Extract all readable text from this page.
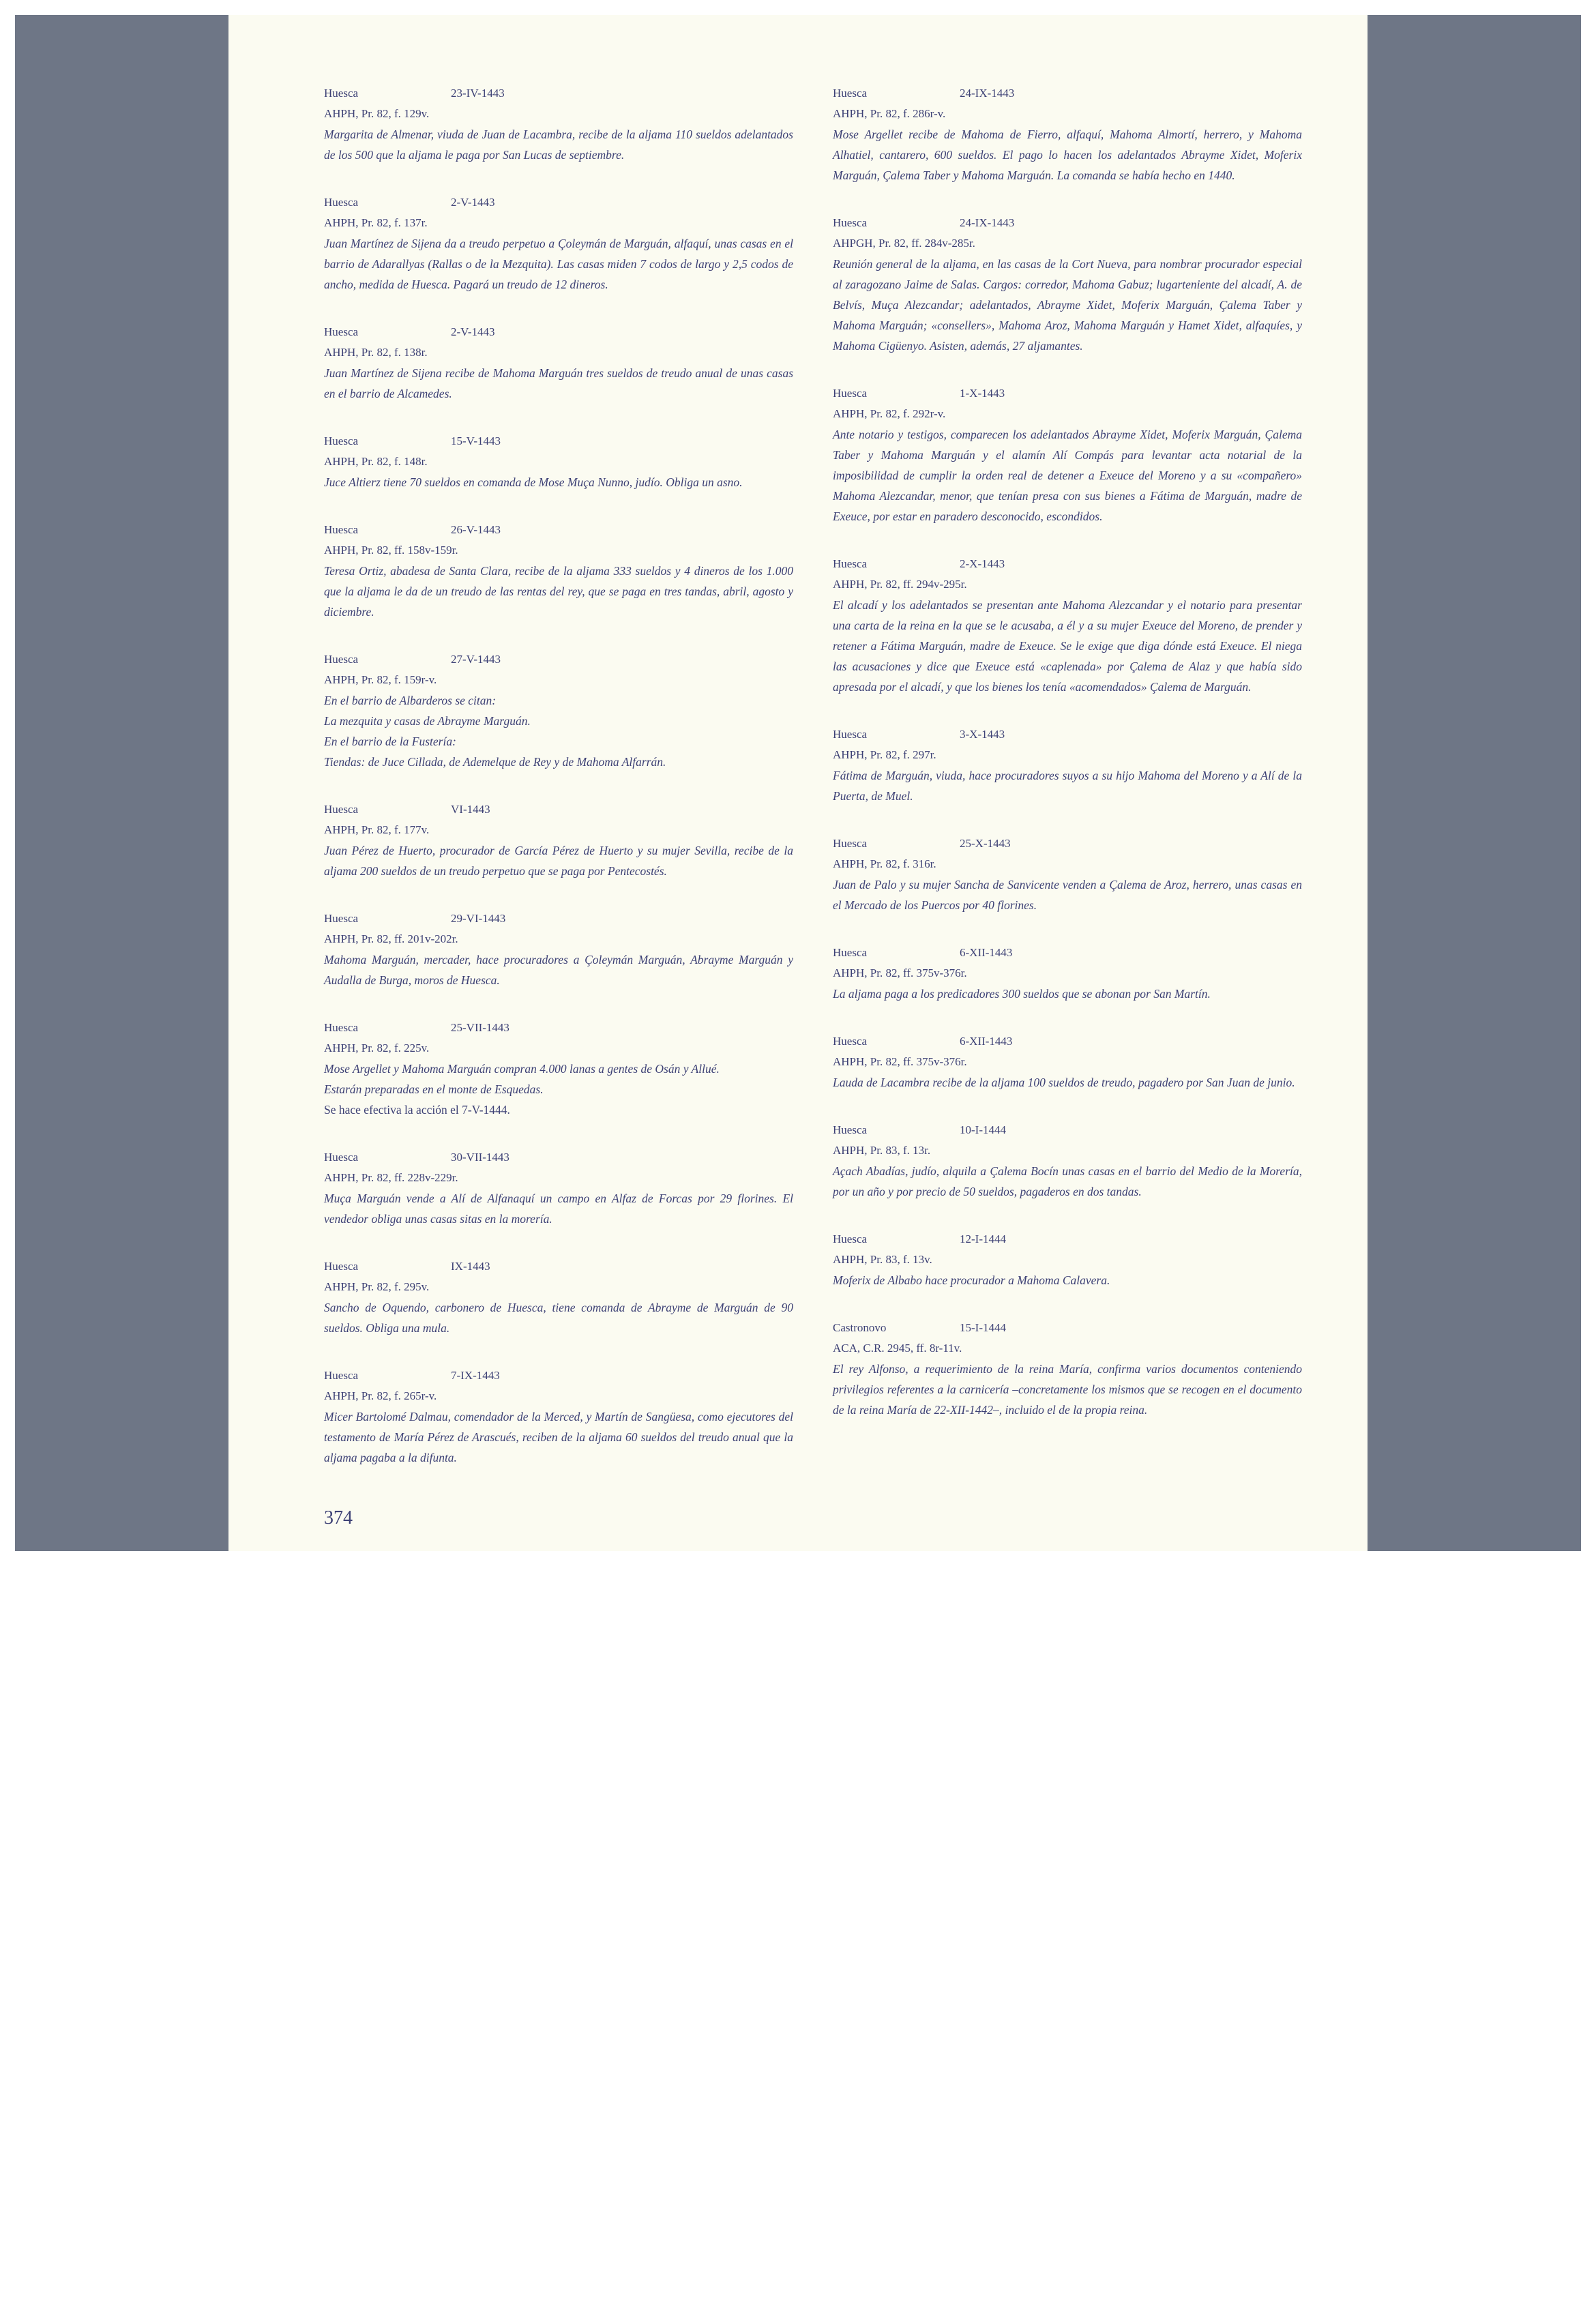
Huesca	23-IV-1443
AHPH, Pr. 82, f. 129v.
Margarita de Almenar, viuda de Juan de Lacambra, recibe de la aljama 110 sueldos adelantados de los 500 que la aljama le paga por San Lucas de septiembre.
Huesca	2-V-1443
AHPH, Pr. 82, f. 137r.
Juan Martínez de Sijena da a treudo perpetuo a Çoleymán de Marguán, alfaquí, unas casas en el barrio de Adarallyas (Rallas o de la Mezquita). Las casas miden 7 codos de largo y 2,5 codos de ancho, medida de Huesca. Pagará un treudo de 12 dineros.
Huesca	2-V-1443
AHPH, Pr. 82, f. 138r.
Juan Martínez de Sijena recibe de Mahoma Marguán tres sueldos de treudo anual de unas casas en el barrio de Alcamedes.
Huesca	15-V-1443
AHPH, Pr. 82, f. 148r.
Juce Altierz tiene 70 sueldos en comanda de Mose Muça Nunno, judío. Obliga un asno.
Huesca	26-V-1443
AHPH, Pr. 82, ff. 158v-159r.
Teresa Ortiz, abadesa de Santa Clara, recibe de la aljama 333 sueldos y 4 dineros de los 1.000 que la aljama le da de un treudo de las rentas del rey, que se paga en tres tandas, abril, agosto y diciembre.
Huesca	27-V-1443
AHPH, Pr. 82, f. 159r-v.
En el barrio de Albarderos se citan:
La mezquita y casas de Abrayme Marguán.
En el barrio de la Fustería:
Tiendas: de Juce Cillada, de Ademelque de Rey y de Mahoma Alfarrán.
Huesca	VI-1443
AHPH, Pr. 82, f. 177v.
Juan Pérez de Huerto, procurador de García Pérez de Huerto y su mujer Sevilla, recibe de la aljama 200 sueldos de un treudo perpetuo que se paga por Pentecostés.
Huesca	29-VI-1443
AHPH, Pr. 82, ff. 201v-202r.
Mahoma Marguán, mercader, hace procuradores a Çoleymán Marguán, Abrayme Marguán y Audalla de Burga, moros de Huesca.
Huesca	25-VII-1443
AHPH, Pr. 82, f. 225v.
Mose Argellet y Mahoma Marguán compran 4.000 lanas a gentes de Osán y Allué.
Estarán preparadas en el monte de Esquedas.
Se hace efectiva la acción el 7-V-1444.
Huesca	30-VII-1443
AHPH, Pr. 82, ff. 228v-229r.
Muça Marguán vende a Alí de Alfanaquí un campo en Alfaz de Forcas por 29 florines. El vendedor obliga unas casas sitas en la morería.
Huesca	IX-1443
AHPH, Pr. 82, f. 295v.
Sancho de Oquendo, carbonero de Huesca, tiene comanda de Abrayme de Marguán de 90 sueldos. Obliga una mula.
Huesca	7-IX-1443
AHPH, Pr. 82, f. 265r-v.
Micer Bartolomé Dalmau, comendador de la Merced, y Martín de Sangüesa, como ejecutores del testamento de María Pérez de Arascués, reciben de la aljama 60 sueldos del treudo anual que la aljama pagaba a la difunta.
Huesca	24-IX-1443
AHPH, Pr. 82, f. 286r-v.
Mose Argellet recibe de Mahoma de Fierro, alfaquí, Mahoma Almortí, herrero, y Mahoma Alhatiel, cantarero, 600 sueldos. El pago lo hacen los adelantados Abrayme Xidet, Moferix Marguán, Çalema Taber y Mahoma Marguán. La comanda se había hecho en 1440.
Huesca	24-IX-1443
AHPGH, Pr. 82, ff. 284v-285r.
Reunión general de la aljama, en las casas de la Cort Nueva, para nombrar procurador especial al zaragozano Jaime de Salas. Cargos: corredor, Mahoma Gabuz; lugarteniente del alcadí, A. de Belvís, Muça Alezcandar; adelantados, Abrayme Xidet, Moferix Marguán, Çalema Taber y Mahoma Marguán; «consellers», Mahoma Aroz, Mahoma Marguán y Hamet Xidet, alfaquíes, y Mahoma Cigüenyo. Asisten, además, 27 aljamantes.
Huesca	1-X-1443
AHPH, Pr. 82, f. 292r-v.
Ante notario y testigos, comparecen los adelantados Abrayme Xidet, Moferix Marguán, Çalema Taber y Mahoma Marguán y el alamín Alí Compás para levantar acta notarial de la imposibilidad de cumplir la orden real de detener a Exeuce del Moreno y a su «compañero» Mahoma Alezcandar, menor, que tenían presa con sus bienes a Fátima de Marguán, madre de Exeuce, por estar en paradero desconocido, escondidos.
Huesca	2-X-1443
AHPH, Pr. 82, ff. 294v-295r.
El alcadí y los adelantados se presentan ante Mahoma Alezcandar y el notario para presentar una carta de la reina en la que se le acusaba, a él y a su mujer Exeuce del Moreno, de prender y retener a Fátima Marguán, madre de Exeuce. Se le exige que diga dónde está Exeuce. El niega las acusaciones y dice que Exeuce está «caplenada» por Çalema de Alaz y que había sido apresada por el alcadí, y que los bienes los tenía «acomendados» Çalema de Marguán.
Huesca	3-X-1443
AHPH, Pr. 82, f. 297r.
Fátima de Marguán, viuda, hace procuradores suyos a su hijo Mahoma del Moreno y a Alí de la Puerta, de Muel.
Huesca	25-X-1443
AHPH, Pr. 82, f. 316r.
Juan de Palo y su mujer Sancha de Sanvicente venden a Çalema de Aroz, herrero, unas casas en el Mercado de los Puercos por 40 florines.
Huesca	6-XII-1443
AHPH, Pr. 82, ff. 375v-376r.
La aljama paga a los predicadores 300 sueldos que se abonan por San Martín.
Huesca	6-XII-1443
AHPH, Pr. 82, ff. 375v-376r.
Lauda de Lacambra recibe de la aljama 100 sueldos de treudo, pagadero por San Juan de junio.
Huesca	10-I-1444
AHPH, Pr. 83, f. 13r.
Açach Abadías, judío, alquila a Çalema Bocín unas casas en el barrio del Medio de la Morería, por un año y por precio de 50 sueldos, pagaderos en dos tandas.
Huesca	12-I-1444
AHPH, Pr. 83, f. 13v.
Moferix de Albabo hace procurador a Mahoma Calavera.
Castronovo	15-I-1444
ACA, C.R. 2945, ff. 8r-11v.
El rey Alfonso, a requerimiento de la reina María, confirma varios documentos conteniendo privilegios referentes a la carnicería –concretamente los mismos que se recogen en el documento de la reina María de 22-XII-1442–, incluido el de la propia reina.
374
